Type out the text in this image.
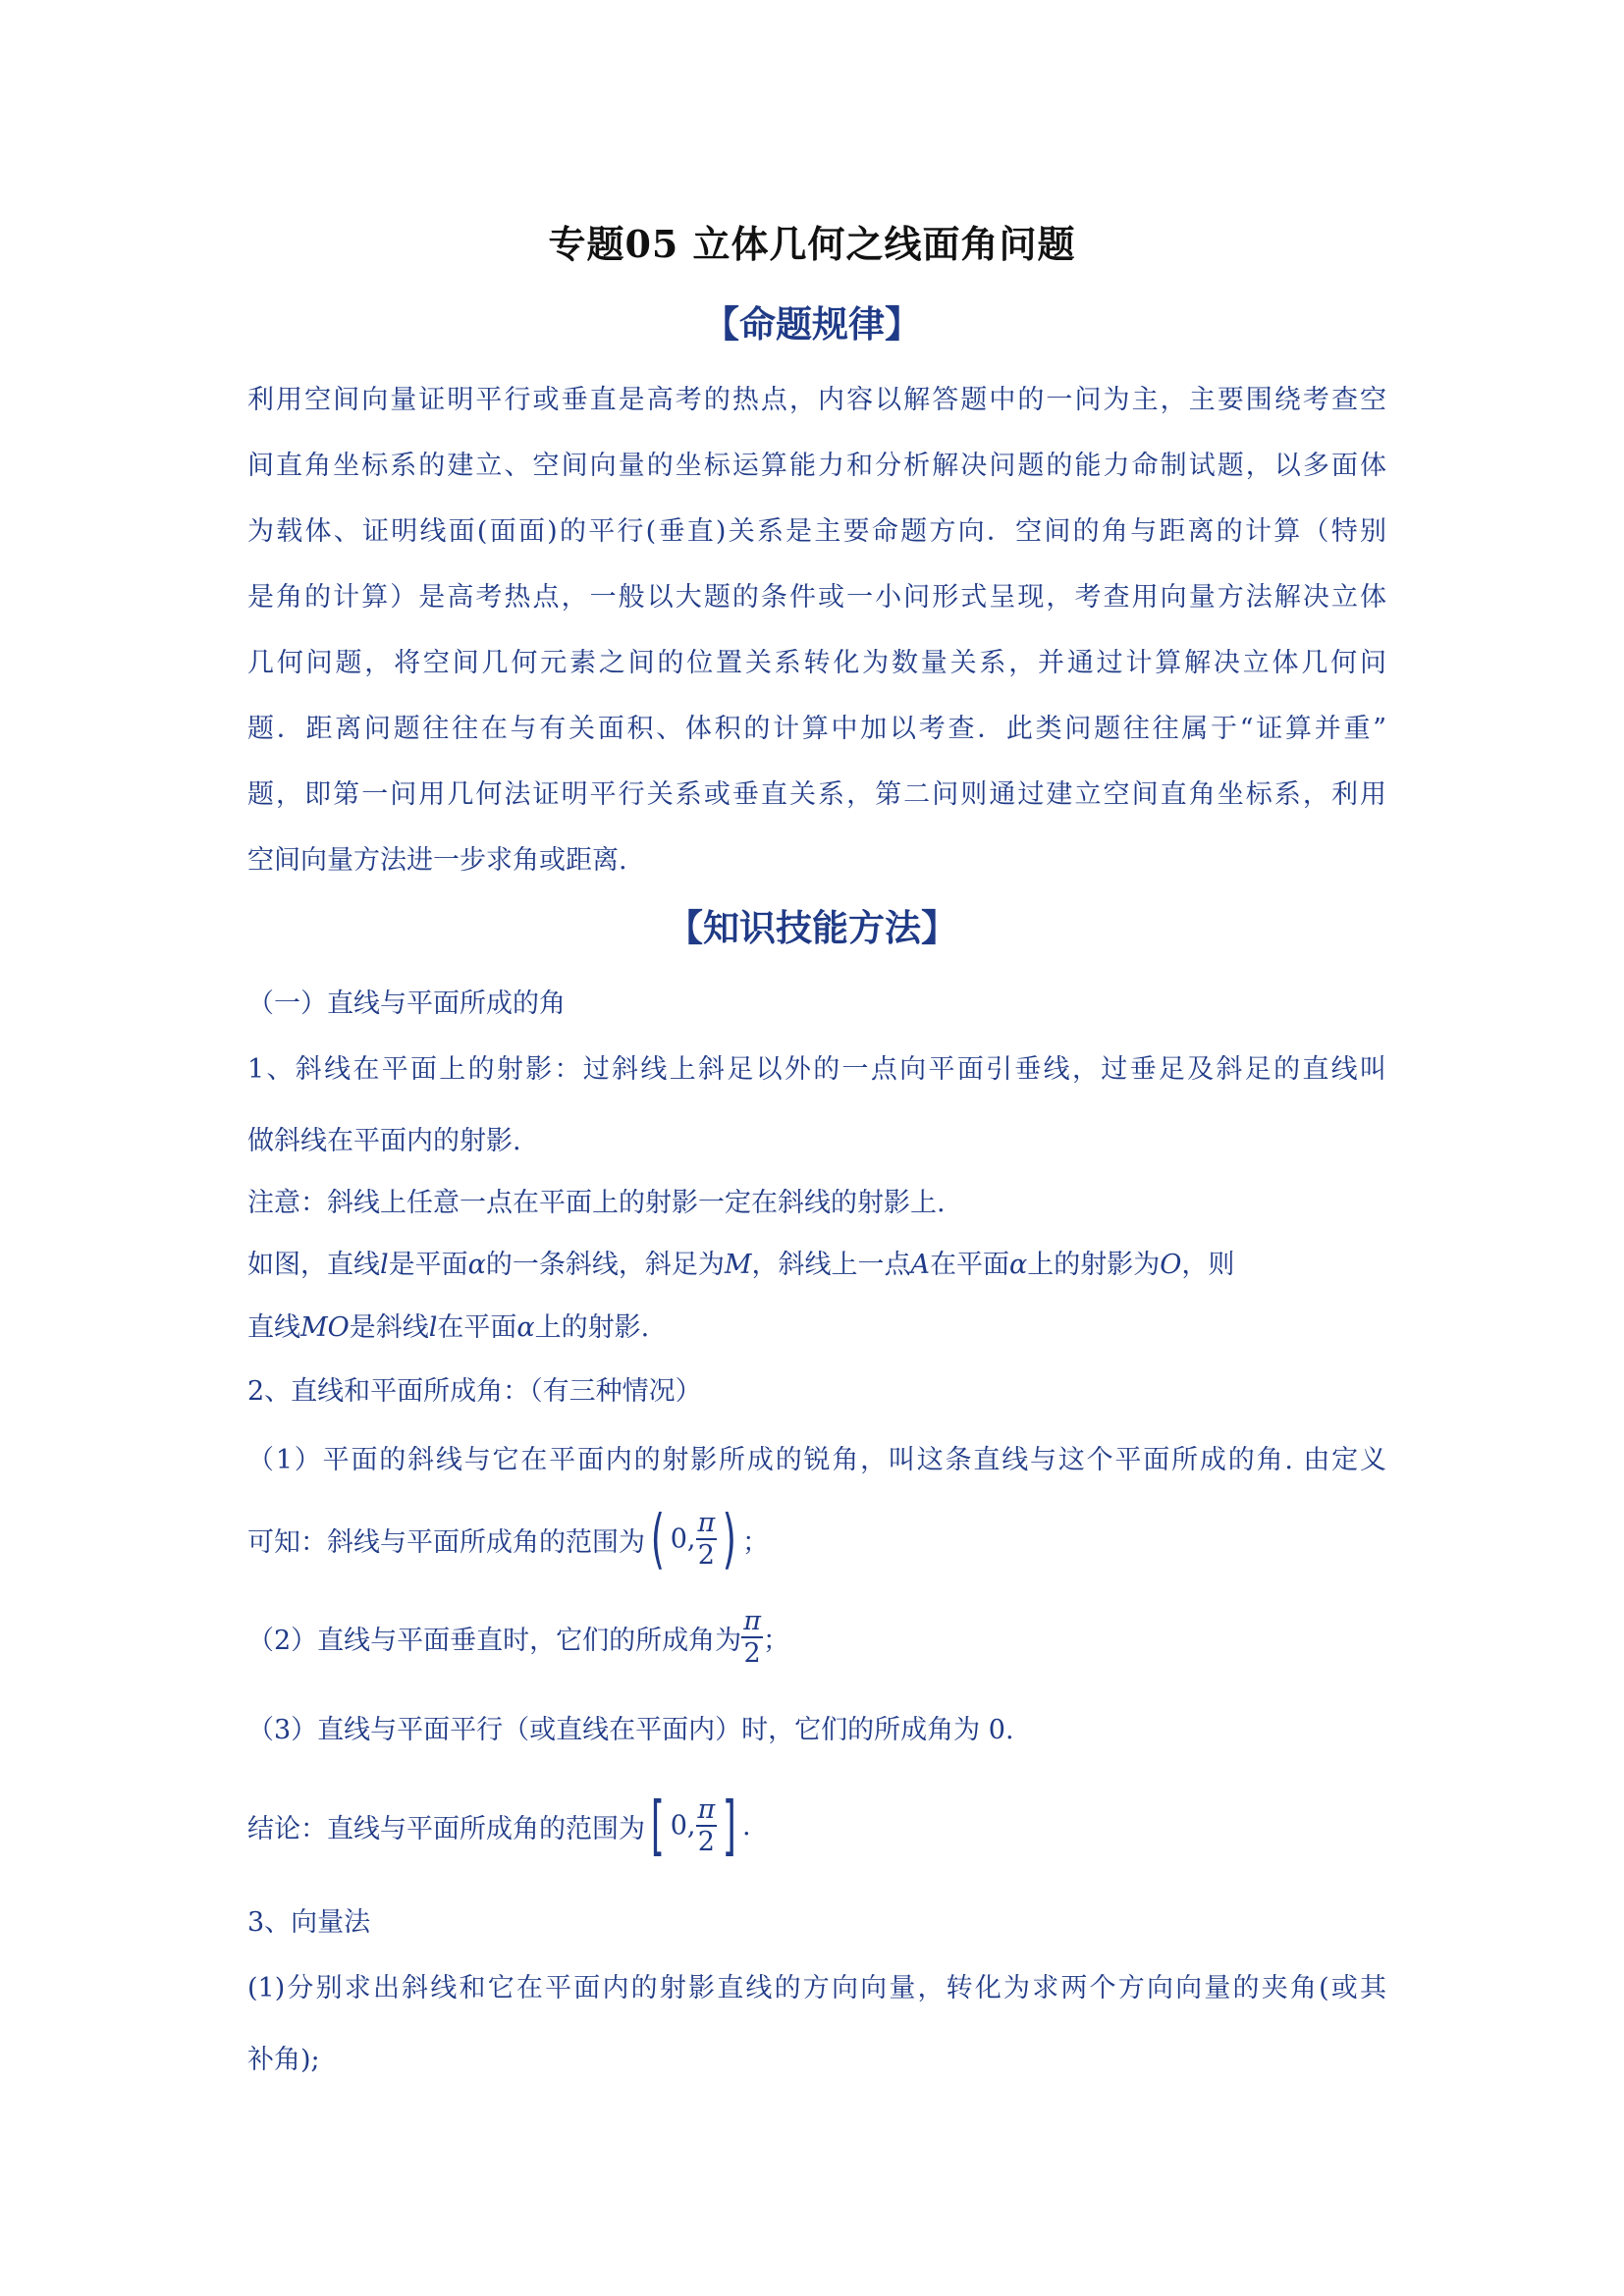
专题05 立体几何之线面角问题
【命题规律】
利用空间向量证明平行或垂直是高考的热点，内容以解答题中的一问为主，主要围绕考查空
间直角坐标系的建立、空间向量的坐标运算能力和分析解决问题的能力命制试题，以多面体
为载体、证明线面(面面)的平行(垂直)关系是主要命题方向．空间的角与距离的计算（特别
是角的计算）是高考热点，一般以大题的条件或一小问形式呈现，考查用向量方法解决立体
几何问题，将空间几何元素之间的位置关系转化为数量关系，并通过计算解决立体几何问
题．距离问题往往在与有关面积、体积的计算中加以考查．此类问题往往属于“证算并重”
题，即第一问用几何法证明平行关系或垂直关系，第二问则通过建立空间直角坐标系，利用
空间向量方法进一步求角或距离.
【知识技能方法】
（一）直线与平面所成的角
1、斜线在平面上的射影：过斜线上斜足以外的一点向平面引垂线，过垂足及斜足的直线叫
做斜线在平面内的射影.
注意：斜线上任意一点在平面上的射影一定在斜线的射影上.
如图，直线l是平面α的一条斜线，斜足为M，斜线上一点A在平面α上的射影为O，则
直线MO是斜线l在平面α上的射影.
2、直线和平面所成角：（有三种情况）
（1）平面的斜线与它在平面内的射影所成的锐角，叫这条直线与这个平面所成的角. 由定义
可知：斜线与平面所成角的范围为 ( 0, $\frac{\pi}{2}$ ) ；
（2）直线与平面垂直时，它们的所成角为 $\frac{\pi}{2}$ ；
（3）直线与平面平行（或直线在平面内）时，它们的所成角为 0.
结论：直线与平面所成角的范围为 [ 0, $\frac{\pi}{2}$ ] .
3、向量法
(1)分别求出斜线和它在平面内的射影直线的方向向量，转化为求两个方向向量的夹角(或其
补角);
